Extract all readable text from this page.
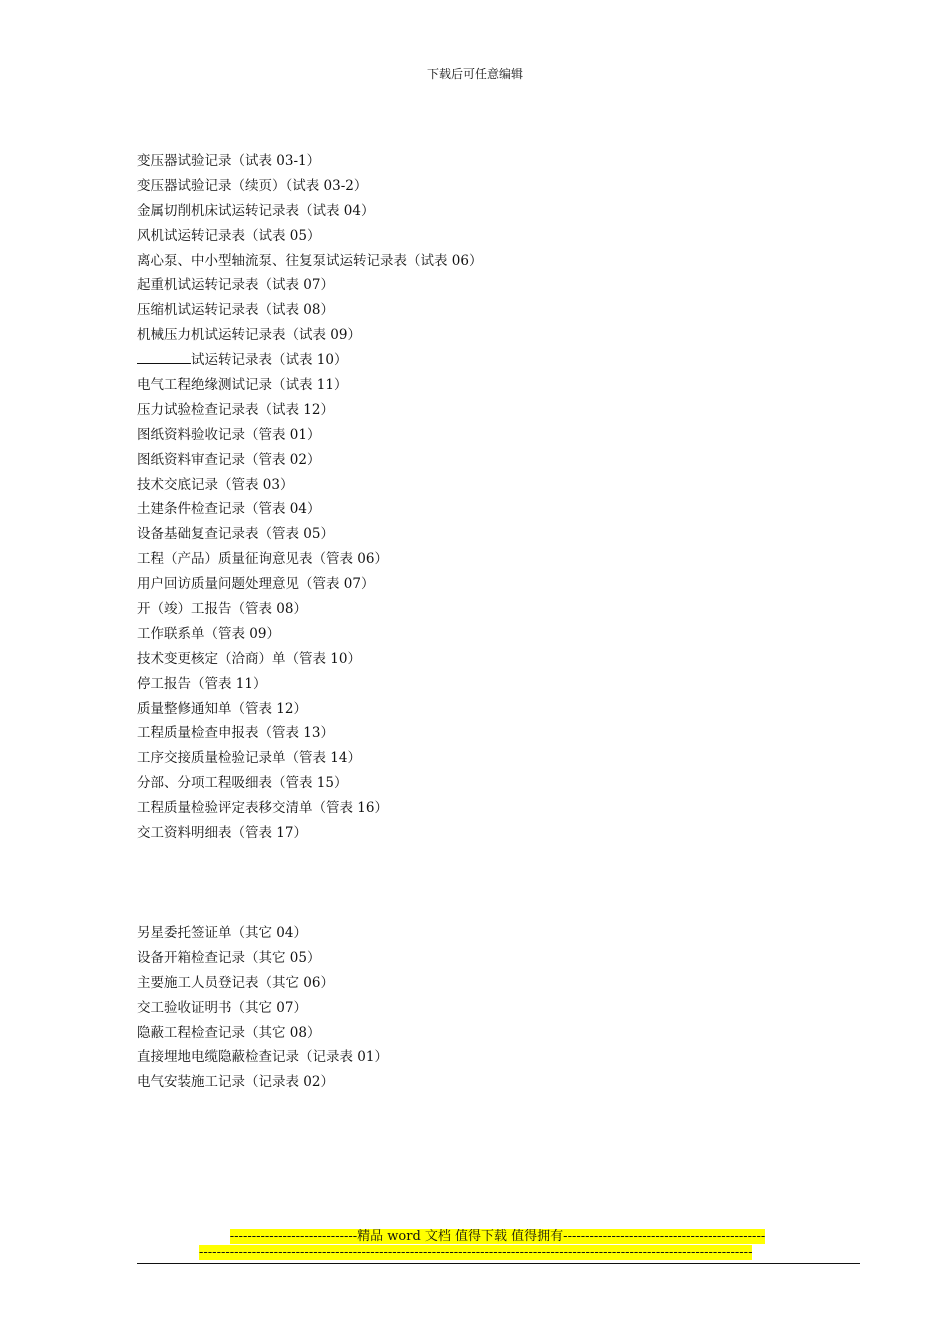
下载后可任意编辑
变压器试验记录（试表 03-1）
变压器试验记录（续页）（试表 03-2）
金属切削机床试运转记录表（试表 04）
风机试运转记录表（试表 05）
离心泵、中小型轴流泵、往复泵试运转记录表（试表 06）
起重机试运转记录表（试表 07）
压缩机试运转记录表（试表 08）
机械压力机试运转记录表（试表 09）
试运转记录表（试表 10）
电气工程绝缘测试记录（试表 11）
压力试验检查记录表（试表 12）
图纸资料验收记录（管表 01）
图纸资料审查记录（管表 02）
技术交底记录（管表 03）
土建条件检查记录（管表 04）
设备基础复查记录表（管表 05）
工程（产品）质量征询意见表（管表 06）
用户回访质量问题处理意见（管表 07）
开（竣）工报告（管表 08）
工作联系单（管表 09）
技术变更核定（洽商）单（管表 10）
停工报告（管表 11）
质量整修通知单（管表 12）
工程质量检查申报表（管表 13）
工序交接质量检验记录单（管表 14）
分部、分项工程吸细表（管表 15）
工程质量检验评定表移交清单（管表 16）
交工资料明细表（管表 17）
另星委托签证单（其它 04）
设备开箱检查记录（其它 05）
主要施工人员登记表（其它 06）
交工验收证明书（其它 07）
隐蔽工程检查记录（其它 08）
直接埋地电缆隐蔽检查记录（记录表 01）
电气安装施工记录（记录表 02）
-----------------------------精品 word 文档 值得下载 值得拥有----------------------------------------------
------------------------------------------------------------------------------------------------------------------------------
